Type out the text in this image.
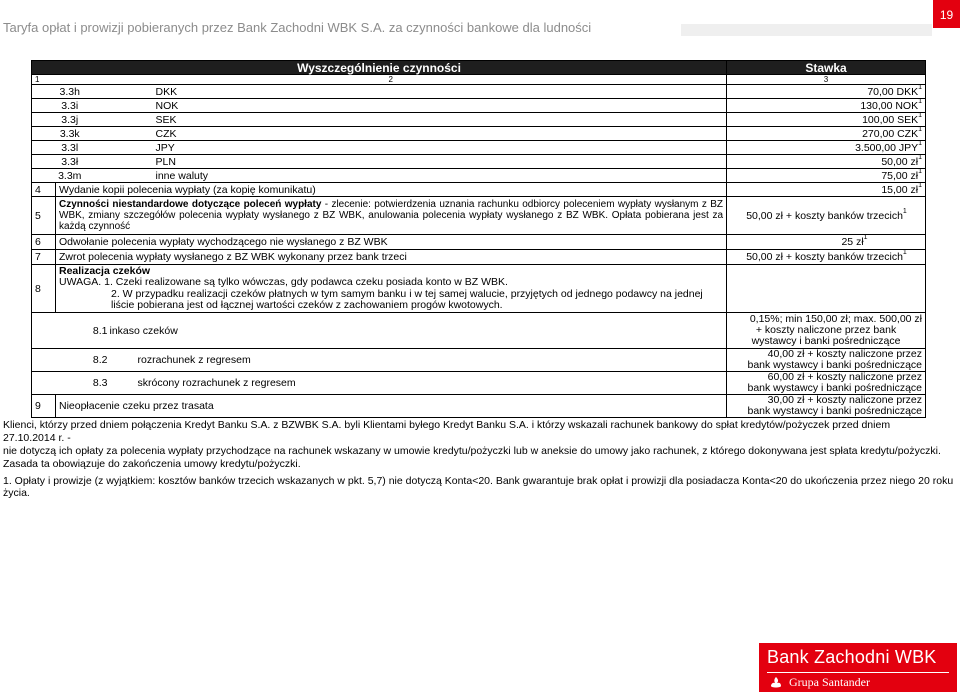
Taryfa opłat i prowizji pobieranych przez Bank Zachodni WBK S.A. za czynności bankowe dla ludności
19
Wyszczególnienie czynności			Stawka
1	2		3
3.3h		DKK	70,00 DKK$^1$
3.3i		NOK	130,00 NOK$^1$
3.3j		SEK	100,00 SEK$^1$
3.3k		CZK	270,00 CZK$^1$
3.3l		JPY	3.500,00 JPY$^1$
3.3ł		PLN	50,00 $zł^1$
3.3m		inne waluty	75,00 $zł^1$
4	Wydanie kopii polecenia wypłaty (za kopię komunikatu)		15,00 $zł^1$
5	Czynności niestandardowe dotyczące poleceń wypłaty - zlecenie: potwierdzenia uznania rachunku odbiorcy poleceniem wypłaty wysłanym z BZ WBK, zmiany szczegółów polecenia wypłaty wysłanego z BZ WBK, anulowania polecenia wypłaty wysłanego z BZ WBK. Opłata pobierana jest za każdą czynność		50,00 zł + koszty banków trzecich$^1$
6	Odwołanie polecenia wypłaty wychodzącego nie wysłanego z BZ WBK		25 $zł^1$
7	Zwrot polecenia wypłaty wysłanego z BZ WBK wykonany przez bank trzeci		50,00 zł + koszty banków trzecich$^1$
8	Realizacja czeków
UWAGA. 1. Czeki realizowane są tylko wówczas, gdy podawca czeku posiada konto w BZ WBK.

2. W przypadku realizacji czeków płatnych w tym samym banku i w tej samej walucie, przyjętych od jednego podawcy na jednej liście pobierana jest od łącznej wartości czeków z zachowaniem progów kwotowych.		

8.1		inkaso czeków	0,15%; min 150,00 zł; max. 500,00 zł
+ koszty naliczone przez bank
wystawcy i banki pośredniczące

8.2		rozrachunek z regresem	40,00 zł + koszty naliczone przez
bank wystawcy i banki pośredniczące

8.3		skrócony rozrachunek z regresem	60,00 zł + koszty naliczone przez
bank wystawcy i banki pośredniczące

9	Nieopłacenie czeku przez trasata		30,00 zł + koszty naliczone przez
bank wystawcy i banki pośredniczące
Klienci, którzy przed dniem połączenia Kredyt Banku S.A. z BZWBK S.A. byli Klientami byłego Kredyt Banku S.A. i którzy wskazali rachunek bankowy do spłat kredytów/pożyczek przed dniem 27.10.2014 r. -
nie dotyczą ich opłaty za polecenia wypłaty przychodzące na rachunek wskazany w umowie kredytu/pożyczki lub w aneksie do umowy jako rachunek, z którego dokonywana jest spłata kredytu/pożyczki.
Zasada ta obowiązuje do zakończenia umowy kredytu/pożyczki.
1. Opłaty i prowizje (z wyjątkiem: kosztów banków trzecich wskazanych w pkt. 5,7) nie dotyczą Konta<20. Bank gwarantuje brak opłat i prowizji dla posiadacza Konta<20 do ukończenia przez niego 20 roku życia.
Bank Zachodni WBK
Grupa Santander
